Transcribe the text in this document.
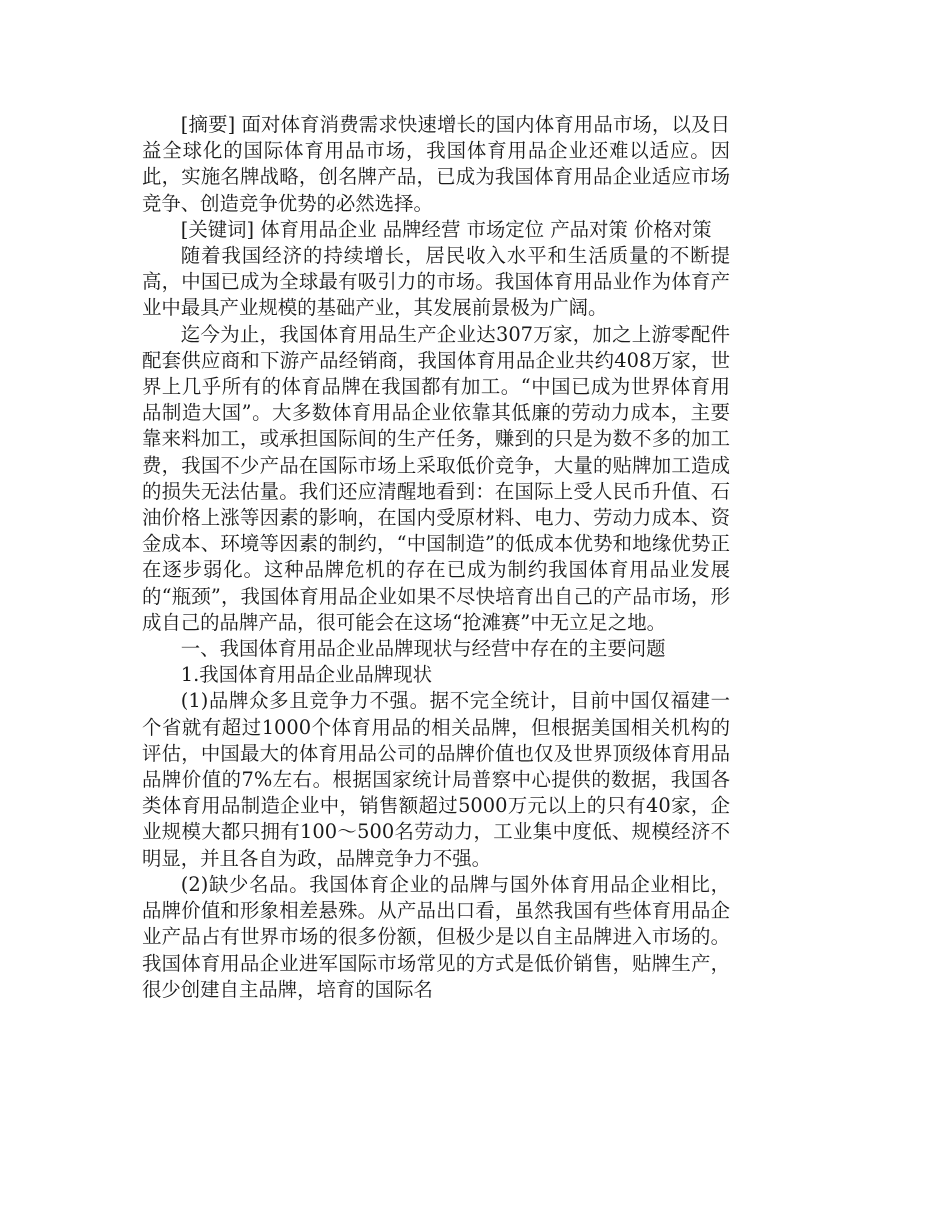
[摘要] 面对体育消费需求快速增长的国内体育用品市场，以及日益全球化的国际体育用品市场，我国体育用品企业还难以适应。因此，实施名牌战略，创名牌产品，已成为我国体育用品企业适应市场竞争、创造竞争优势的必然选择。

[关键词] 体育用品企业 品牌经营 市场定位 产品对策 价格对策

随着我国经济的持续增长，居民收入水平和生活质量的不断提高，中国已成为全球最有吸引力的市场。我国体育用品业作为体育产业中最具产业规模的基础产业，其发展前景极为广阔。

迄今为止，我国体育用品生产企业达307万家，加之上游零配件配套供应商和下游产品经销商，我国体育用品企业共约408万家，世界上几乎所有的体育品牌在我国都有加工。“中国已成为世界体育用品制造大国”。大多数体育用品企业依靠其低廉的劳动力成本，主要靠来料加工，或承担国际间的生产任务，赚到的只是为数不多的加工费，我国不少产品在国际市场上采取低价竞争，大量的贴牌加工造成的损失无法估量。我们还应清醒地看到：在国际上受人民币升值、石油价格上涨等因素的影响，在国内受原材料、电力、劳动力成本、资金成本、环境等因素的制约，“中国制造”的低成本优势和地缘优势正在逐步弱化。这种品牌危机的存在已成为制约我国体育用品业发展的“瓶颈”，我国体育用品企业如果不尽快培育出自己的产品市场，形成自己的品牌产品，很可能会在这场“抢滩赛”中无立足之地。

一、我国体育用品企业品牌现状与经营中存在的主要问题

1.我国体育用品企业品牌现状

(1)品牌众多且竞争力不强。据不完全统计，目前中国仅福建一个省就有超过1000个体育用品的相关品牌，但根据美国相关机构的评估，中国最大的体育用品公司的品牌价值也仅及世界顶级体育用品品牌价值的7%左右。根据国家统计局普察中心提供的数据，我国各类体育用品制造企业中，销售额超过5000万元以上的只有40家，企业规模大都只拥有100～500名劳动力，工业集中度低、规模经济不明显，并且各自为政，品牌竞争力不强。

(2)缺少名品。我国体育企业的品牌与国外体育用品企业相比，品牌价值和形象相差悬殊。从产品出口看，虽然我国有些体育用品企业产品占有世界市场的很多份额，但极少是以自主品牌进入市场的。我国体育用品企业进军国际市场常见的方式是低价销售，贴牌生产，很少创建自主品牌，培育的国际名
